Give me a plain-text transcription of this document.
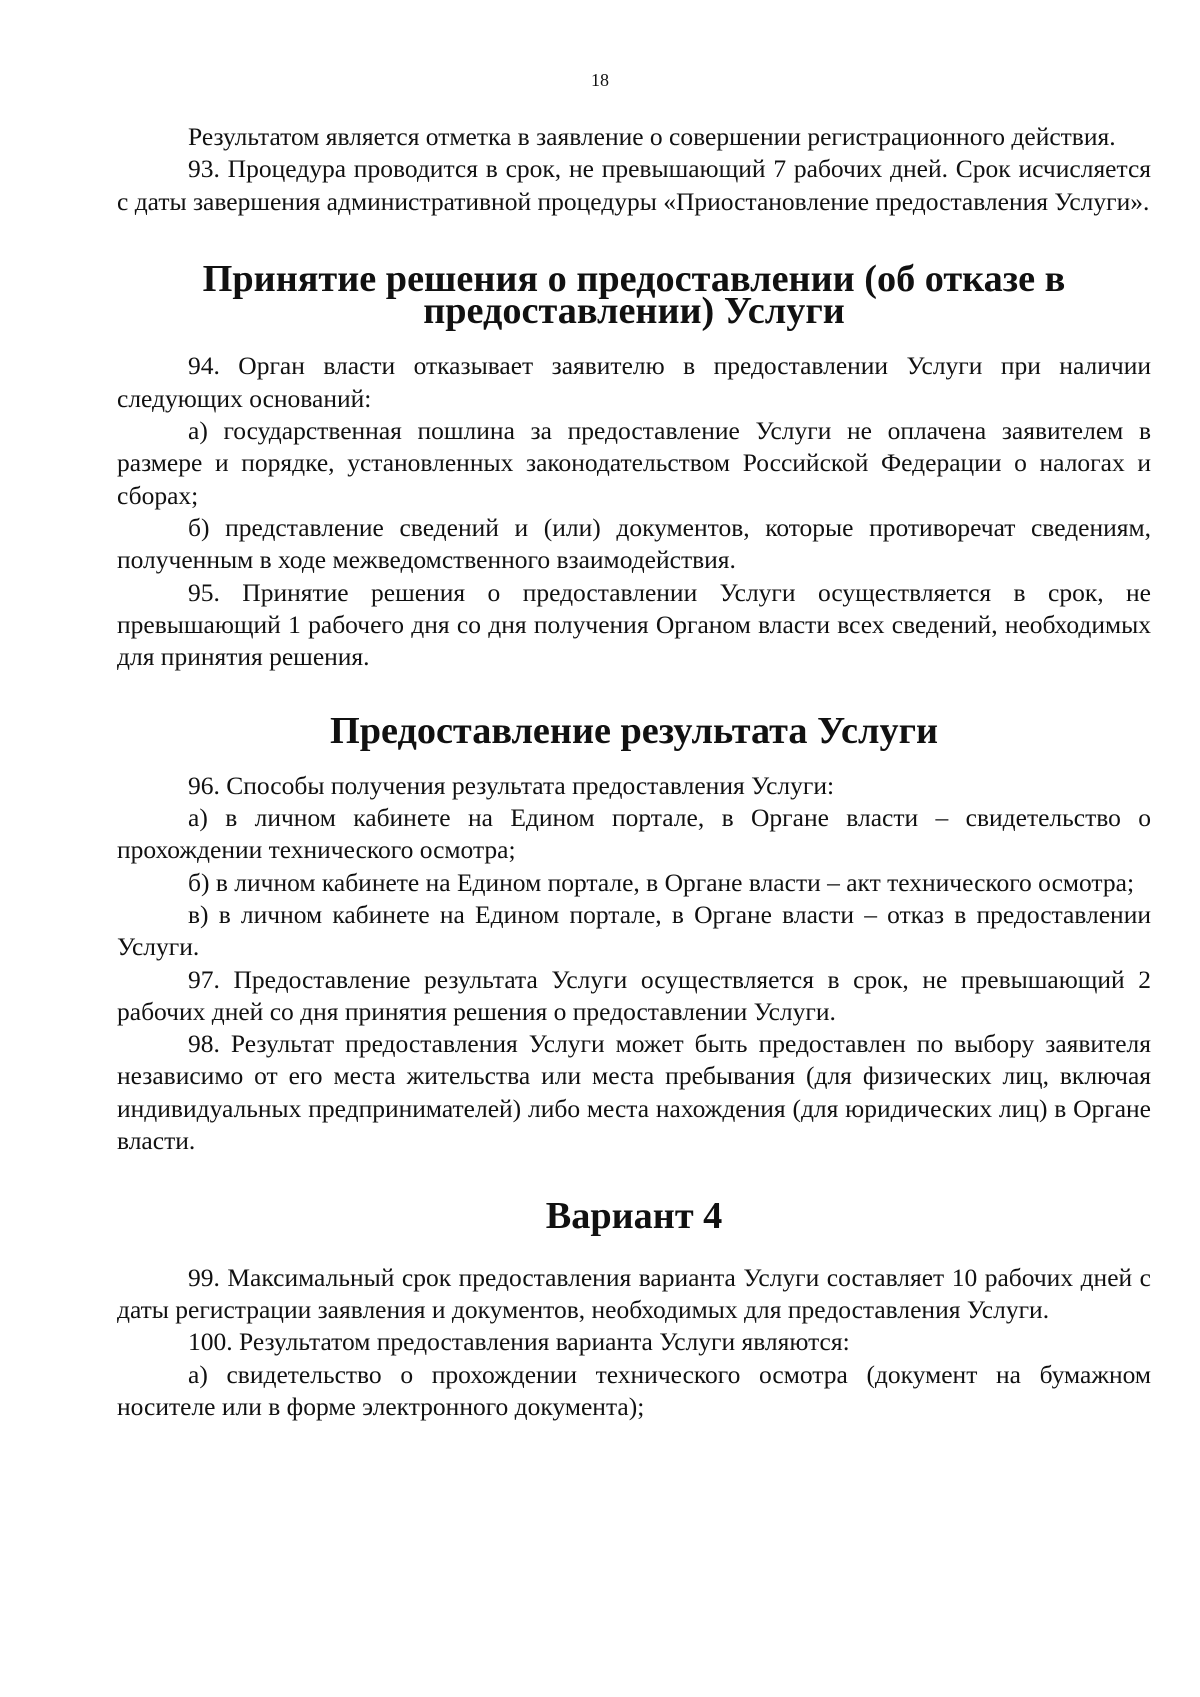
18

Результатом является отметка в заявление о совершении регистрационного действия.

93. Процедура проводится в срок, не превышающий 7 рабочих дней. Срок исчисляется с даты завершения административной процедуры «Приостановление предоставления Услуги».

Принятие решения о предоставлении (об отказе в предоставлении) Услуги

94. Орган власти отказывает заявителю в предоставлении Услуги при наличии следующих оснований:

а) государственная пошлина за предоставление Услуги не оплачена заявителем в размере и порядке, установленных законодательством Российской Федерации о налогах и сборах;

б) представление сведений и (или) документов, которые противоречат сведениям, полученным в ходе межведомственного взаимодействия.

95. Принятие решения о предоставлении Услуги осуществляется в срок, не превышающий 1 рабочего дня со дня получения Органом власти всех сведений, необходимых для принятия решения.

Предоставление результата Услуги

96. Способы получения результата предоставления Услуги:

а) в личном кабинете на Едином портале, в Органе власти – свидетельство о прохождении технического осмотра;

б) в личном кабинете на Едином портале, в Органе власти – акт технического осмотра;

в) в личном кабинете на Едином портале, в Органе власти – отказ в предоставлении Услуги.

97. Предоставление результата Услуги осуществляется в срок, не превышающий 2 рабочих дней со дня принятия решения о предоставлении Услуги.

98. Результат предоставления Услуги может быть предоставлен по выбору заявителя независимо от его места жительства или места пребывания (для физических лиц, включая индивидуальных предпринимателей) либо места нахождения (для юридических лиц) в Органе власти.

Вариант 4

99. Максимальный срок предоставления варианта Услуги составляет 10 рабочих дней с даты регистрации заявления и документов, необходимых для предоставления Услуги.

100. Результатом предоставления варианта Услуги являются:

а) свидетельство о прохождении технического осмотра (документ на бумажном носителе или в форме электронного документа);
